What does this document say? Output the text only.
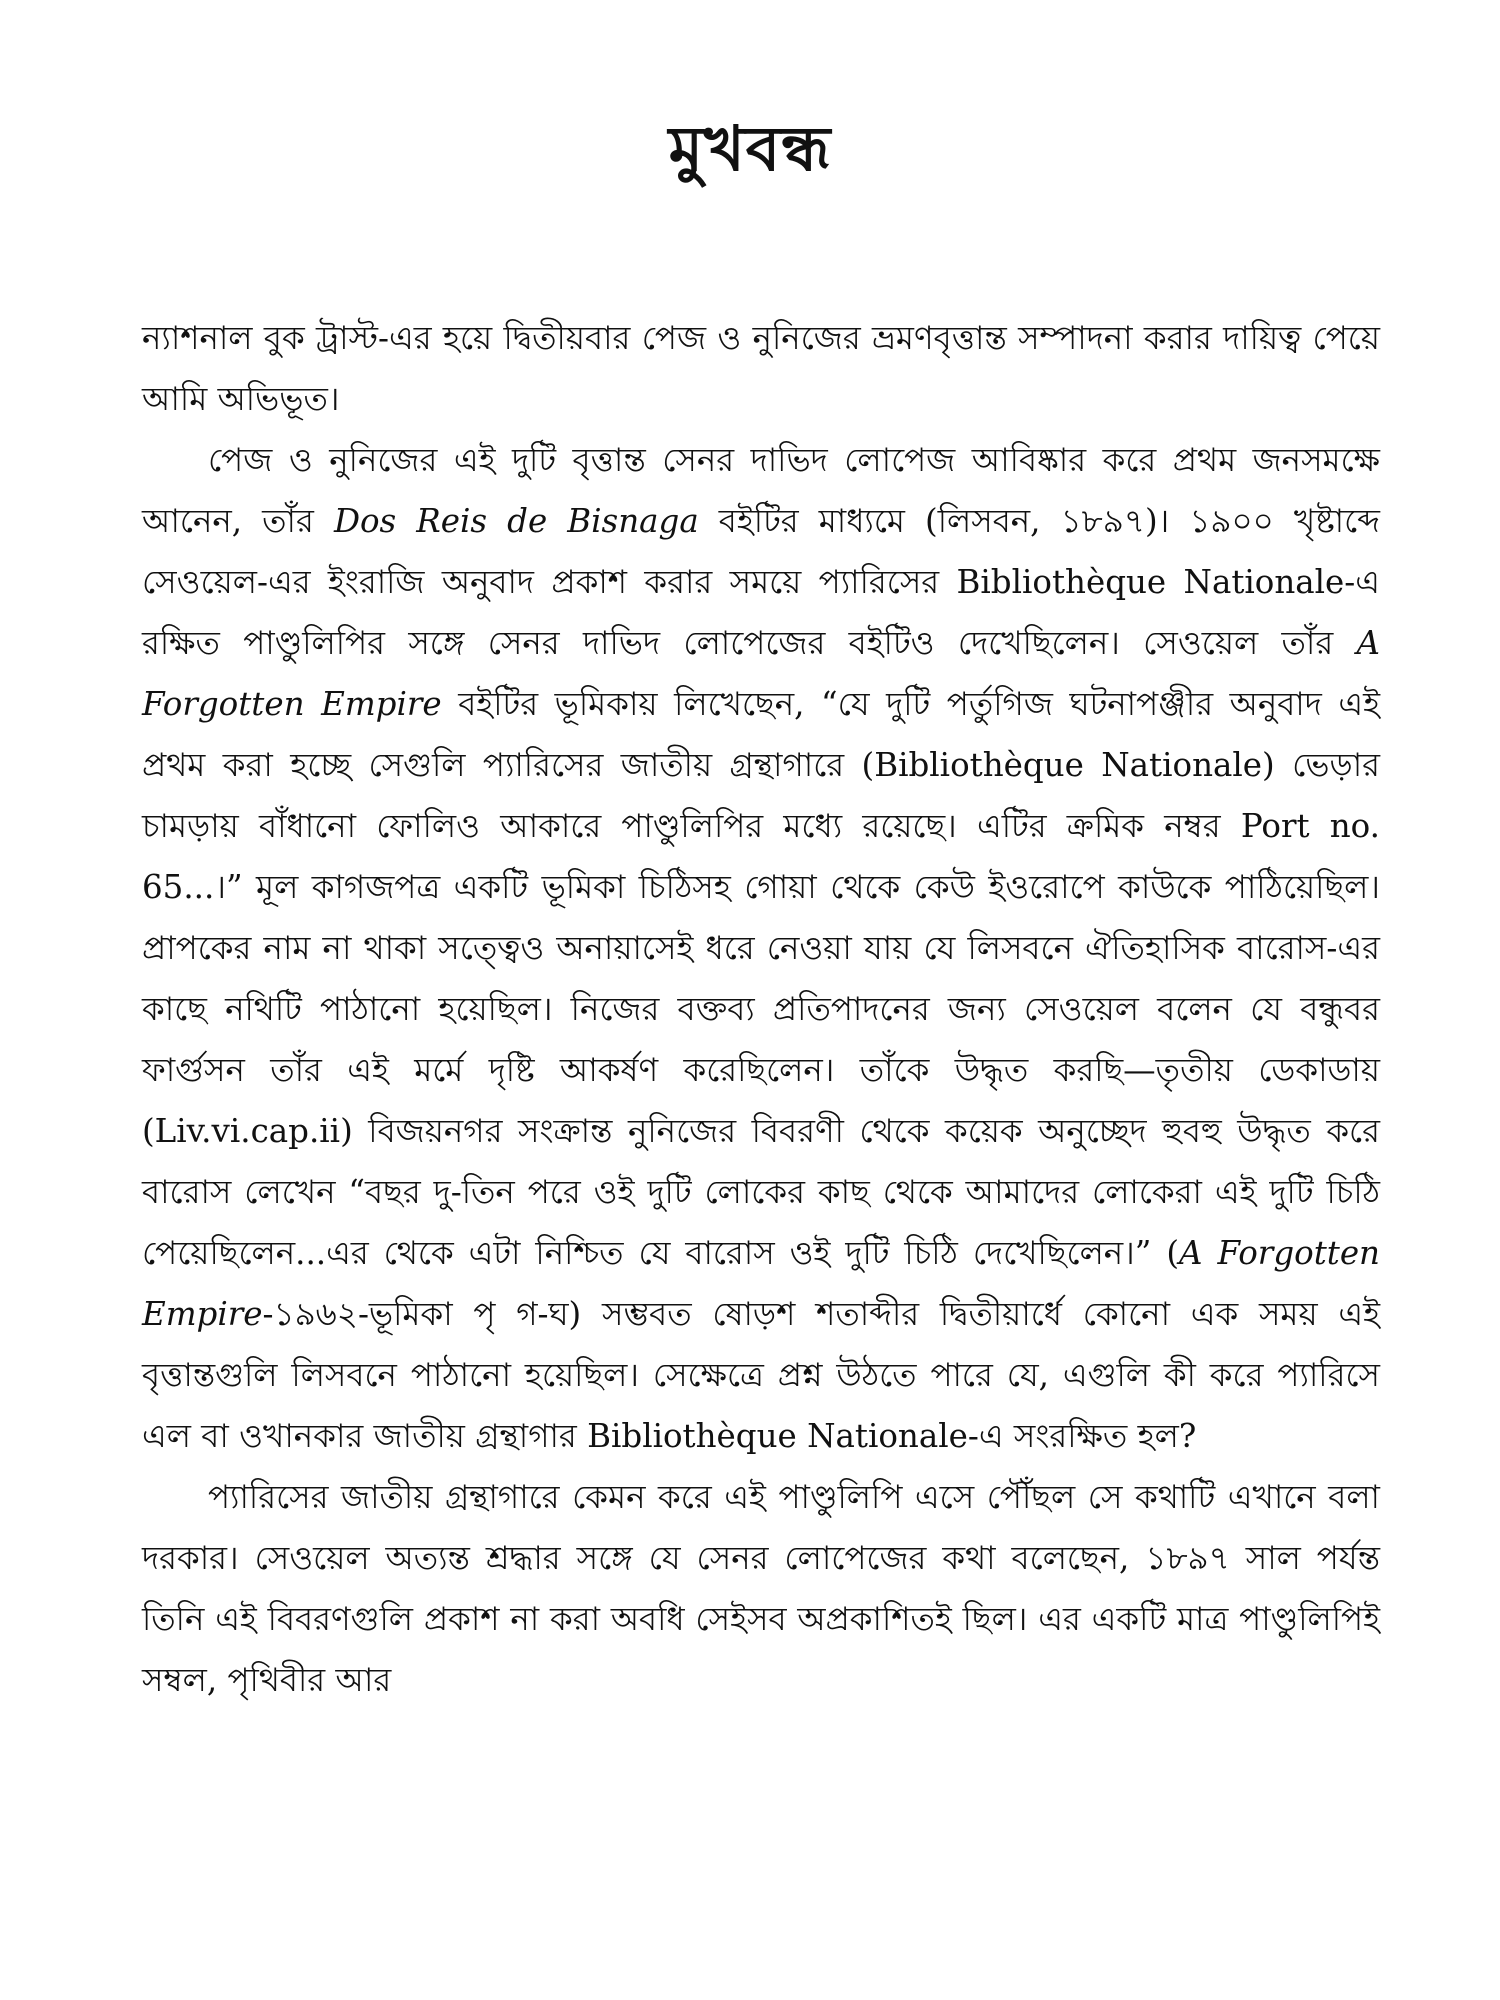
মুখবন্ধ

ন্যাশনাল বুক ট্রাস্ট-এর হয়ে দ্বিতীয়বার পেজ ও নুনিজের ভ্রমণবৃত্তান্ত সম্পাদনা করার দায়িত্ব পেয়ে আমি অভিভূত।

পেজ ও নুনিজের এই দুটি বৃত্তান্ত সেনর দাভিদ লোপেজ আবিষ্কার করে প্রথম জনসমক্ষে আনেন, তাঁর Dos Reis de Bisnaga বইটির মাধ্যমে (লিসবন, ১৮৯৭)। ১৯০০ খৃষ্টাব্দে সেওয়েল-এর ইংরাজি অনুবাদ প্রকাশ করার সময়ে প্যারিসের Bibliothèque Nationale-এ রক্ষিত পাণ্ডুলিপির সঙ্গে সেনর দাভিদ লোপেজের বইটিও দেখেছিলেন। সেওয়েল তাঁর A Forgotten Empire বইটির ভূমিকায় লিখেছেন, “যে দুটি পর্তুগিজ ঘটনাপঞ্জীর অনুবাদ এই প্রথম করা হচ্ছে সেগুলি প্যারিসের জাতীয় গ্রন্থাগারে (Bibliothèque Nationale) ভেড়ার চামড়ায় বাঁধানো ফোলিও আকারে পাণ্ডুলিপির মধ্যে রয়েছে। এটির ক্রমিক নম্বর Port no. 65...।” মূল কাগজপত্র একটি ভূমিকা চিঠিসহ গোয়া থেকে কেউ ইওরোপে কাউকে পাঠিয়েছিল। প্রাপকের নাম না থাকা সত্ত্বেও অনায়াসেই ধরে নেওয়া যায় যে লিসবনে ঐতিহাসিক বারোস-এর কাছে নথিটি পাঠানো হয়েছিল। নিজের বক্তব্য প্রতিপাদনের জন্য সেওয়েল বলেন যে বন্ধুবর ফার্গুসন তাঁর এই মর্মে দৃষ্টি আকর্ষণ করেছিলেন। তাঁকে উদ্ধৃত করছি—তৃতীয় ডেকাডায় (Liv.vi.cap.ii) বিজয়নগর সংক্রান্ত নুনিজের বিবরণী থেকে কয়েক অনুচ্ছেদ হুবহু উদ্ধৃত করে বারোস লেখেন “বছর দু-তিন পরে ওই দুটি লোকের কাছ থেকে আমাদের লোকেরা এই দুটি চিঠি পেয়েছিলেন...এর থেকে এটা নিশ্চিত যে বারোস ওই দুটি চিঠি দেখেছিলেন।” (A Forgotten Empire-১৯৬২-ভূমিকা পৃ গ-ঘ) সম্ভবত ষোড়শ শতাব্দীর দ্বিতীয়ার্ধে কোনো এক সময় এই বৃত্তান্তগুলি লিসবনে পাঠানো হয়েছিল। সেক্ষেত্রে প্রশ্ন উঠতে পারে যে, এগুলি কী করে প্যারিসে এল বা ওখানকার জাতীয় গ্রন্থাগার Bibliothèque Nationale-এ সংরক্ষিত হল?

প্যারিসের জাতীয় গ্রন্থাগারে কেমন করে এই পাণ্ডুলিপি এসে পৌঁছল সে কথাটি এখানে বলা দরকার। সেওয়েল অত্যন্ত শ্রদ্ধার সঙ্গে যে সেনর লোপেজের কথা বলেছেন, ১৮৯৭ সাল পর্যন্ত তিনি এই বিবরণগুলি প্রকাশ না করা অবধি সেইসব অপ্রকাশিতই ছিল। এর একটি মাত্র পাণ্ডুলিপিই সম্বল, পৃথিবীর আর
